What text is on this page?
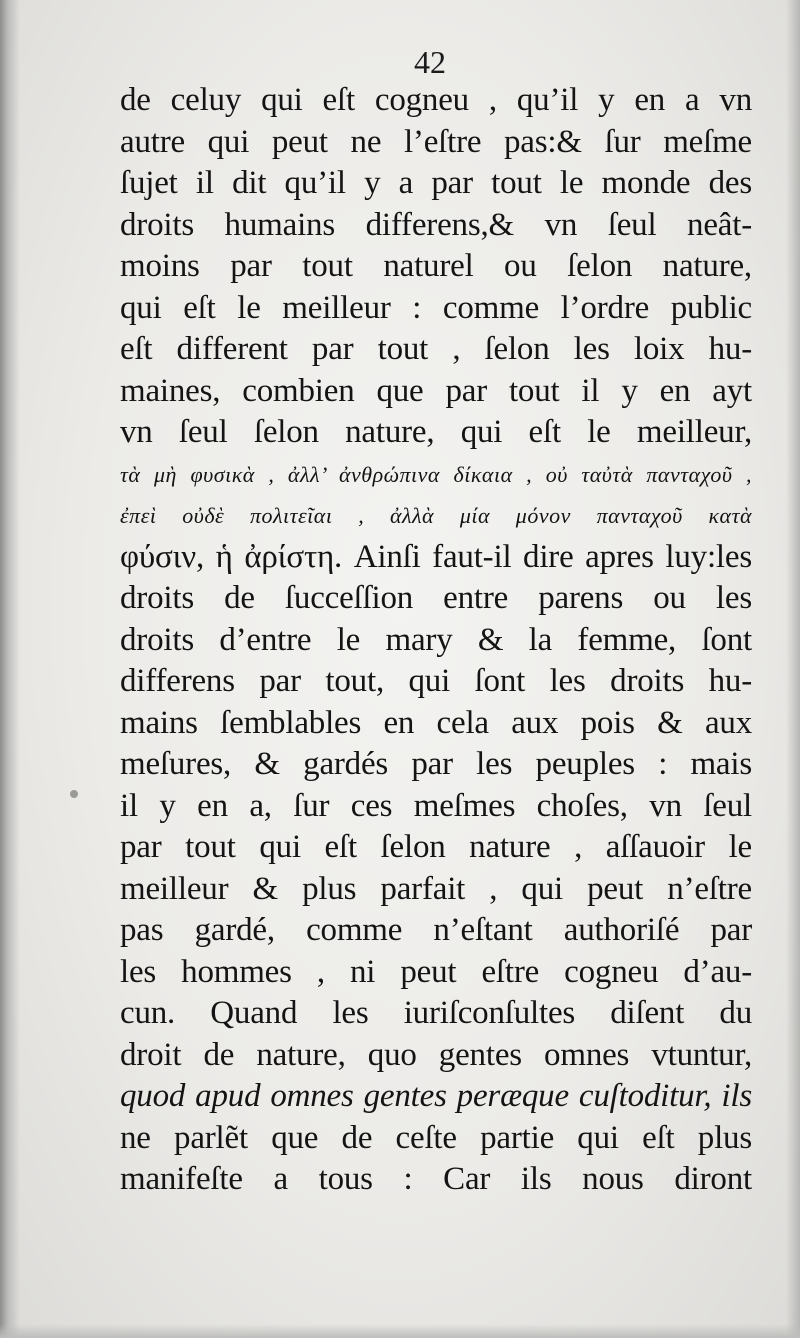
42
de celuy qui eſt cogneu , qu’il y en a vn
autre qui peut ne l’eſtre pas:& ſur meſme
ſujet il dit qu’il y a par tout le monde des
droits humains differens,& vn ſeul neât-
moins par tout naturel ou ſelon nature,
qui eſt le meilleur : comme l’ordre public
eſt different par tout , ſelon les loix hu-
maines, combien que par tout il y en ayt
vn ſeul ſelon nature, qui eſt le meilleur,
τὰ μὴ φυσικὰ , ἀλλ’ ἀνθρώπινα δίκαια , οὐ ταὐτὰ πανταχοῦ ,
ἐπεὶ οὐδὲ πολιτεῖαι , ἀλλὰ μία μόνον πανταχοῦ κατὰ
φύσιν, ἡ ἀρίστη. Ainſi faut-il dire apres luy:les
droits de ſucceſſion entre parens ou les
droits d’entre le mary & la femme, ſont
differens par tout, qui ſont les droits hu-
mains ſemblables en cela aux pois & aux
meſures, & gardés par les peuples : mais
il y en a, ſur ces meſmes choſes, vn ſeul
par tout qui eſt ſelon nature , aſſauoir le
meilleur & plus parfait , qui peut n’eſtre
pas gardé, comme n’eſtant authoriſé par
les hommes , ni peut eſtre cogneu d’au-
cun. Quand les iuriſconſultes diſent du
droit de nature, quo gentes omnes vtuntur,
quod apud omnes gentes peræque cuſtoditur, ils
ne parlẽt que de ceſte partie qui eſt plus
manifeſte a tous : Car ils nous diront
